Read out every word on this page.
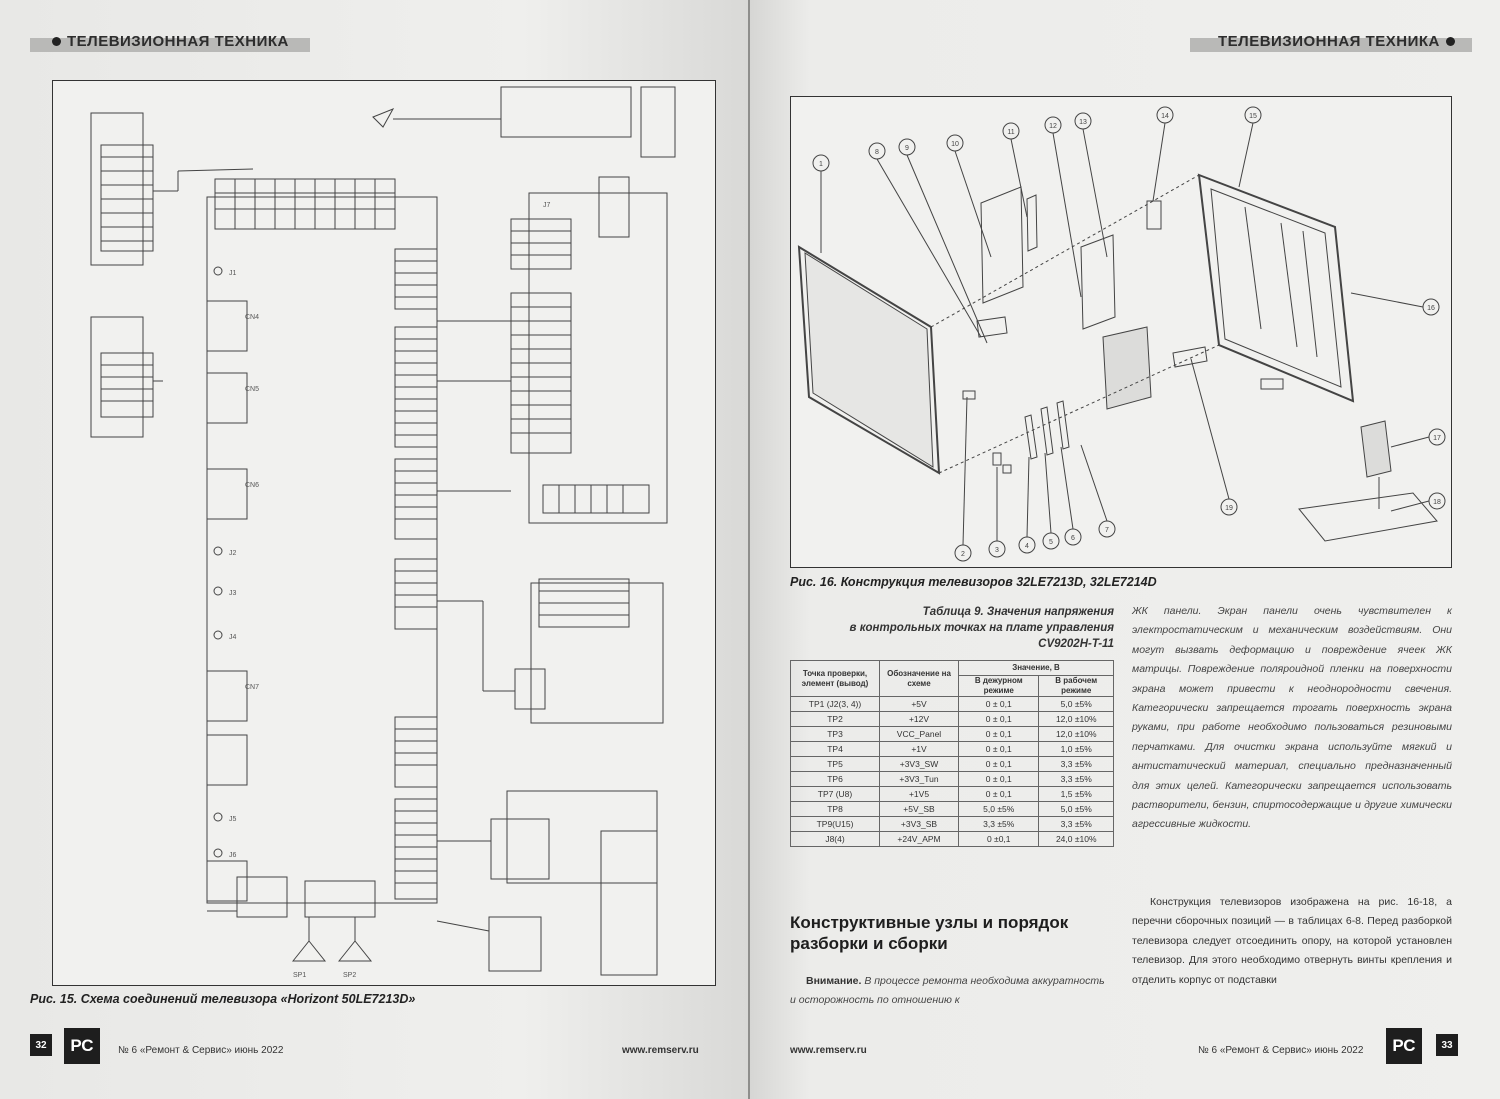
ТЕЛЕВИЗИОННАЯ ТЕХНИКА
CN4
CN5
CN6
CN7
J1
J2
J3
J4
J5
J6
J7
SP1	SP2
Рис. 15. Схема соединений телевизора «Horizont 50LE7213D»
РС
32	№ 6 «Ремонт & Сервис» июнь 2022	www.remserv.ru
ТЕЛЕВИЗИОННАЯ ТЕХНИКА
1
8
9
10
11
12
13
14	15
16
17
18
19
2
3
4
5
6
7
Рис. 16. Конструкция телевизоров 32LE7213D, 32LE7214D
Таблица 9. Значения напряжения
в контрольных точках на плате управления
CV9202H-T-11
Точка проверки, элемент (вывод)	Обозначение на схеме	Значение, В	
		В дежурном режиме	В рабочем режиме
TP1 (J2(3, 4))	+5V	0 ± 0,1	5,0 ±5%
TP2	+12V	0 ± 0,1	12,0 ±10%
TP3	VCC_Panel	0 ± 0,1	12,0 ±10%
TP4	+1V	0 ± 0,1	1,0 ±5%
TP5	+3V3_SW	0 ± 0,1	3,3 ±5%
TP6	+3V3_Tun	0 ± 0,1	3,3 ±5%
TP7 (U8)	+1V5	0 ± 0,1	1,5 ±5%
TP8	+5V_SB	5,0 ±5%	5,0 ±5%
TP9(U15)	+3V3_SB	3,3 ±5%	3,3 ±5%
J8(4)	+24V_APM	0 ±0,1	24,0 ±10%
Конструктивные узлы и порядок разборки и сборки
Внимание. В процессе ремонта необходима аккуратность и осторожность по отношению к
ЖК панели. Экран панели очень чувствителен к электростатическим и механическим воздействиям. Они могут вызвать деформацию и повреждение ячеек ЖК матрицы. Повреждение поляроидной пленки на поверхности экрана может привести к неоднородности свечения. Категорически запрещается трогать поверхность экрана руками, при работе необходимо пользоваться резиновыми перчатками. Для очистки экрана используйте мягкий и антистатический материал, специально предназначенный для этих целей. Категорически запрещается использовать растворители, бензин, спиртосодержащие и другие химически агрессивные жидкости.
Конструкция телевизоров изображена на рис. 16-18, а перечни сборочных позиций — в таблицах 6-8. Перед разборкой телевизора следует отсоединить опору, на которой установлен телевизор. Для этого необходимо отвернуть винты крепления и отделить корпус от подставки
www.remserv.ru	№ 6 «Ремонт & Сервис» июнь 2022	РС	33
